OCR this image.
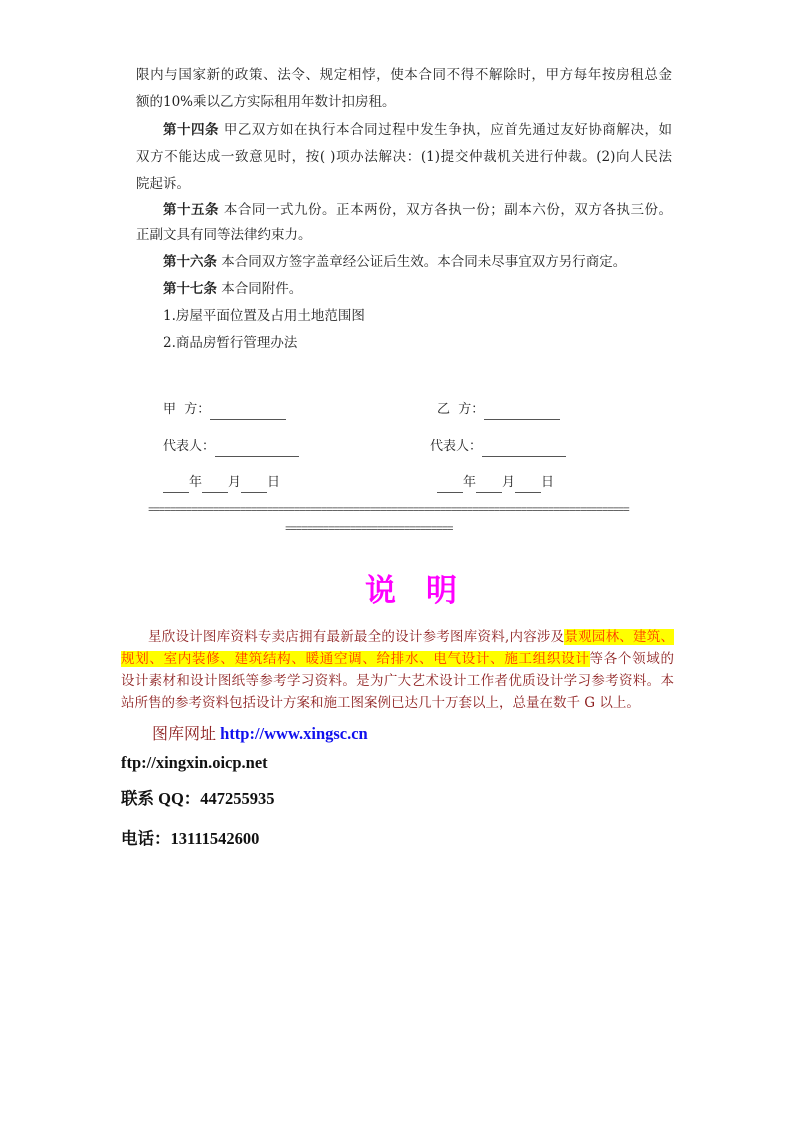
限内与国家新的政策、法令、规定相悖，使本合同不得不解除时，甲方每年按房租总金
额的10%乘以乙方实际租用年数计扣房租。
第十四条 甲乙双方如在执行本合同过程中发生争执，应首先通过友好协商解决，如
双方不能达成一致意见时，按( )项办法解决：(1)提交仲裁机关进行仲裁。(2)向人民法
院起诉。
第十五条 本合同一式九份。正本两份，双方各执一份；副本六份，双方各执三份。
正副文具有同等法律约束力。
第十六条 本合同双方签字盖章经公证后生效。本合同未尽事宜双方另行商定。
第十七条 本合同附件。
1.房屋平面位置及占用土地范围图
2.商品房暂行管理办法
甲  方：	乙  方：
代表人：	代表人：
年 月 日	年 月 日
=========================================================================================
===============================
说明
星欣设计图库资料专卖店拥有最新最全的设计参考图库资料,内容涉及景观园林、建筑、
规划、室内装修、建筑结构、暖通空调、给排水、电气设计、施工组织设计等各个领域的
设计素材和设计图纸等参考学习资料。是为广大艺术设计工作者优质设计学习参考资料。本
站所售的参考资料包括设计方案和施工图案例已达几十万套以上，总量在数千 G 以上。
图库网址 http://www.xingsc.cn
ftp://xingxin.oicp.net
联系 QQ：447255935
电话：13111542600
